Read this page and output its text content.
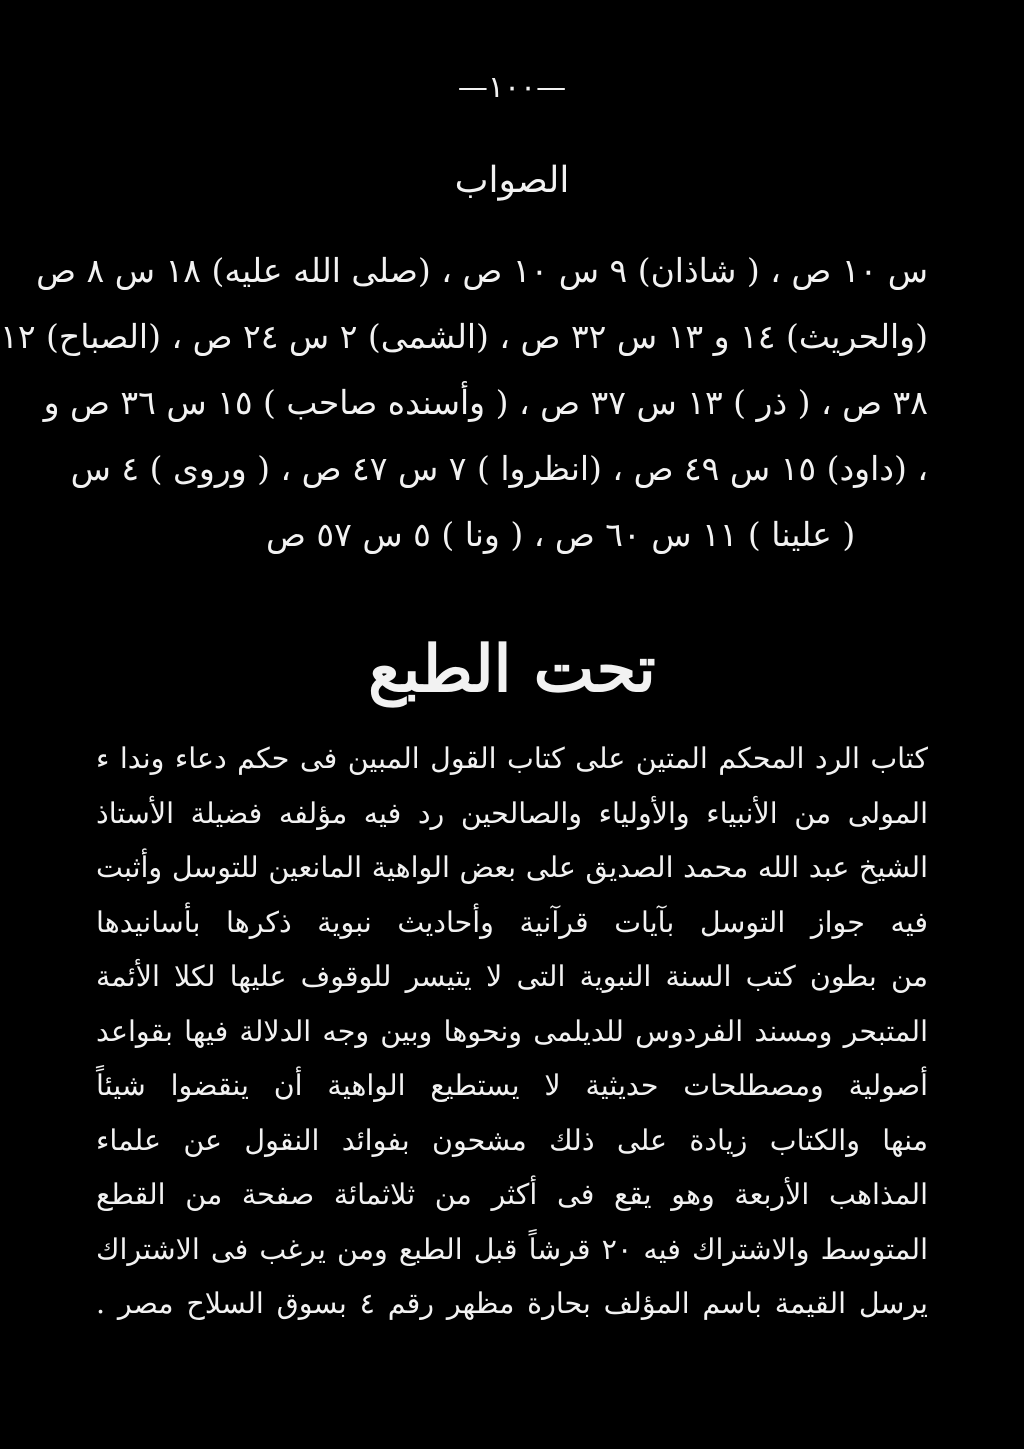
—١٠٠—
الصواب
س ١٠ ص ، ( شاذان) ٩ س ١٠ ص ، (صلى الله عليه) ١٨ س ٨ ص
(والحريث) ١٤ و ١٣ س ٣٢ ص ، (الشمى) ٢ س ٢٤ ص ، (الصباح) ١٢
٣٨ ص ، ( ذر ) ١٣ س ٣٧ ص ، ( وأسنده صاحب ) ١٥ س ٣٦ ص و
، (داود) ١٥ س ٤٩ ص ، (انظروا ) ٧ س ٤٧ ص ، ( وروى ) ٤ س
( علينا ) ١١ س ٦٠ ص ، ( ونا ) ٥ س ٥٧ ص
تحت الطبع
كتاب الرد المحكم المتين على كتاب القول المبين فى حكم دعاء وندا ء
المولى من الأنبياء والأولياء والصالحين رد فيه مؤلفه فضيلة الأستاذ
الشيخ عبد الله محمد الصديق على بعض الواهية المانعين للتوسل وأثبت
فيه جواز التوسل بآيات قرآنية وأحاديث نبوية ذكرها بأسانيدها
من بطون كتب السنة النبوية التى لا يتيسر للوقوف عليها لكلا الأئمة
المتبحر ومسند الفردوس للديلمى ونحوها وبين وجه الدلالة فيها بقواعد
أصولية ومصطلحات حديثية لا يستطيع الواهية أن ينقضوا شيئاً
منها والكتاب زيادة على ذلك مشحون بفوائد النقول عن علماء
المذاهب الأربعة وهو يقع فى أكثر من ثلاثمائة صفحة من القطع
المتوسط والاشتراك فيه ٢٠ قرشاً قبل الطبع ومن يرغب فى الاشتراك
يرسل القيمة باسم المؤلف بحارة مظهر رقم ٤ بسوق السلاح مصر .
